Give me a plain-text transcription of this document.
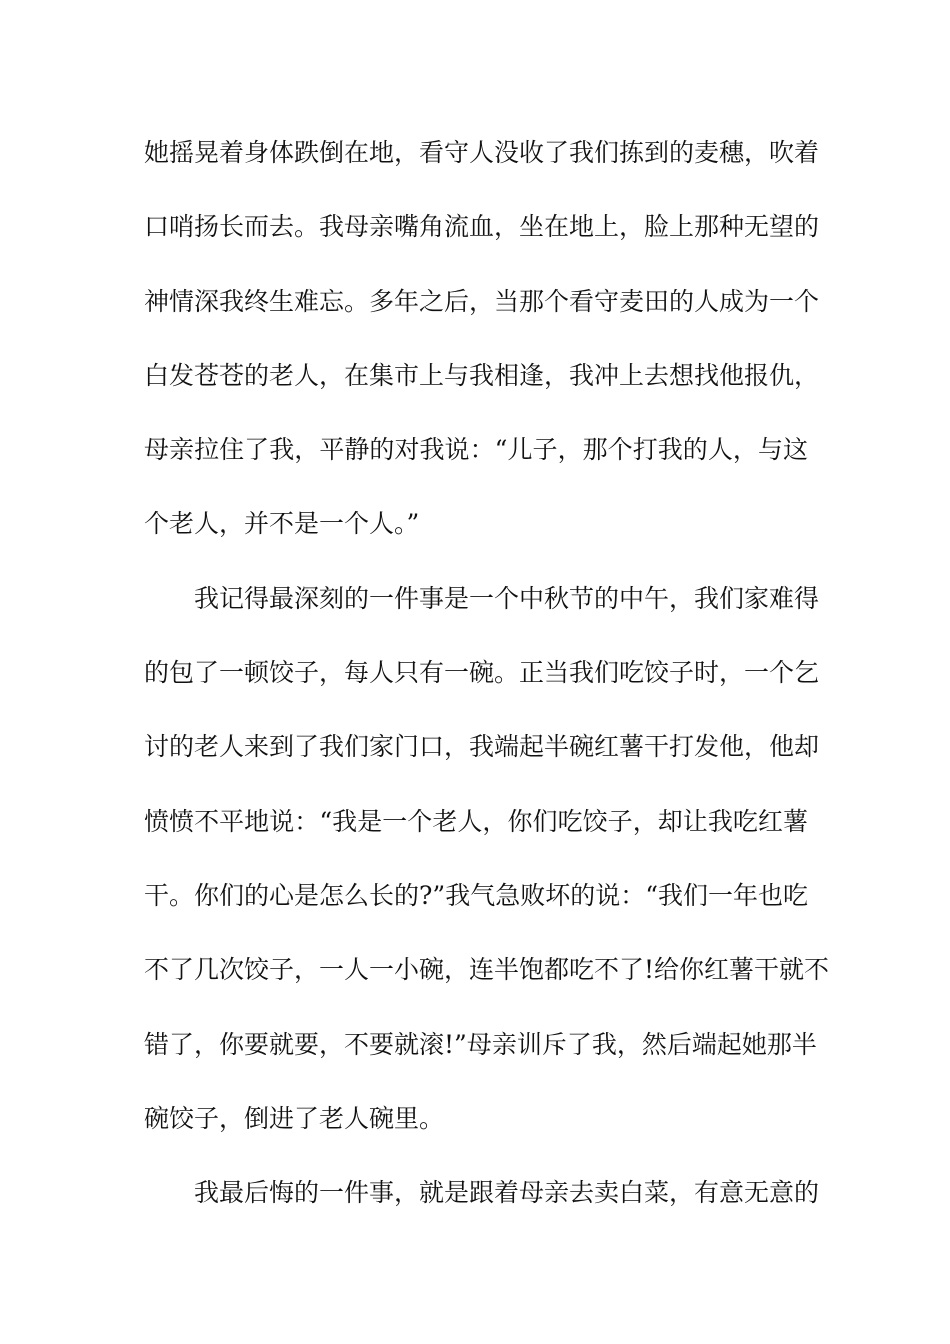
她摇晃着身体跌倒在地，看守人没收了我们拣到的麦穗，吹着
口哨扬长而去。我母亲嘴角流血，坐在地上，脸上那种无望的
神情深我终生难忘。多年之后，当那个看守麦田的人成为一个
白发苍苍的老人，在集市上与我相逢，我冲上去想找他报仇，
母亲拉住了我，平静的对我说：“儿子，那个打我的人，与这
个老人，并不是一个人。”
我记得最深刻的一件事是一个中秋节的中午，我们家难得
的包了一顿饺子，每人只有一碗。正当我们吃饺子时，一个乞
讨的老人来到了我们家门口，我端起半碗红薯干打发他，他却
愤愤不平地说：“我是一个老人，你们吃饺子，却让我吃红薯
干。你们的心是怎么长的?”我气急败坏的说：“我们一年也吃
不了几次饺子，一人一小碗，连半饱都吃不了!给你红薯干就不
错了，你要就要，不要就滚!”母亲训斥了我，然后端起她那半
碗饺子，倒进了老人碗里。
我最后悔的一件事，就是跟着母亲去卖白菜，有意无意的
